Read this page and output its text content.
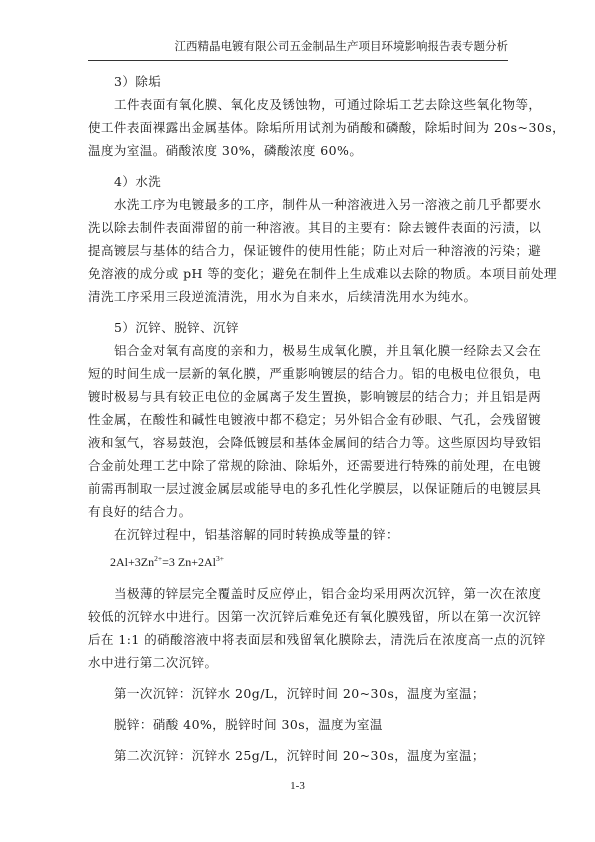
江西精晶电镀有限公司五金制品生产项目环境影响报告表专题分析
3）除垢
工件表面有氧化膜、氧化皮及锈蚀物，可通过除垢工艺去除这些氧化物等，
使工件表面裸露出金属基体。除垢所用试剂为硝酸和磷酸，除垢时间为 20s~30s，
温度为室温。硝酸浓度 30%，磷酸浓度 60%。
4）水洗
水洗工序为电镀最多的工序，制件从一种溶液进入另一溶液之前几乎都要水
洗以除去制件表面滞留的前一种溶液。其目的主要有：除去镀件表面的污渍，以
提高镀层与基体的结合力，保证镀件的使用性能；防止对后一种溶液的污染；避
免溶液的成分或 pH 等的变化；避免在制件上生成难以去除的物质。本项目前处理
清洗工序采用三段逆流清洗，用水为自来水，后续清洗用水为纯水。
5）沉锌、脱锌、沉锌
铝合金对氧有高度的亲和力，极易生成氧化膜，并且氧化膜一经除去又会在
短的时间生成一层新的氧化膜，严重影响镀层的结合力。铝的电极电位很负，电
镀时极易与具有较正电位的金属离子发生置换，影响镀层的结合力；并且铝是两
性金属，在酸性和碱性电镀液中都不稳定；另外铝合金有砂眼、气孔，会残留镀
液和氢气，容易鼓泡，会降低镀层和基体金属间的结合力等。这些原因均导致铝
合金前处理工艺中除了常规的除油、除垢外，还需要进行特殊的前处理，在电镀
前需再制取一层过渡金属层或能导电的多孔性化学膜层，以保证随后的电镀层具
有良好的结合力。
在沉锌过程中，铝基溶解的同时转换成等量的锌：
$2Al+3Zn^{2+}=3$ $Zn+2Al^{3+}$
当极薄的锌层完全覆盖时反应停止，铝合金均采用两次沉锌，第一次在浓度
较低的沉锌水中进行。因第一次沉锌后难免还有氧化膜残留，所以在第一次沉锌
后在 1:1 的硝酸溶液中将表面层和残留氧化膜除去，清洗后在浓度高一点的沉锌
水中进行第二次沉锌。
第一次沉锌：沉锌水 20g/L，沉锌时间 20~30s，温度为室温；
脱锌：硝酸 40%，脱锌时间 30s，温度为室温
第二次沉锌：沉锌水 25g/L，沉锌时间 20~30s，温度为室温；
1-3
